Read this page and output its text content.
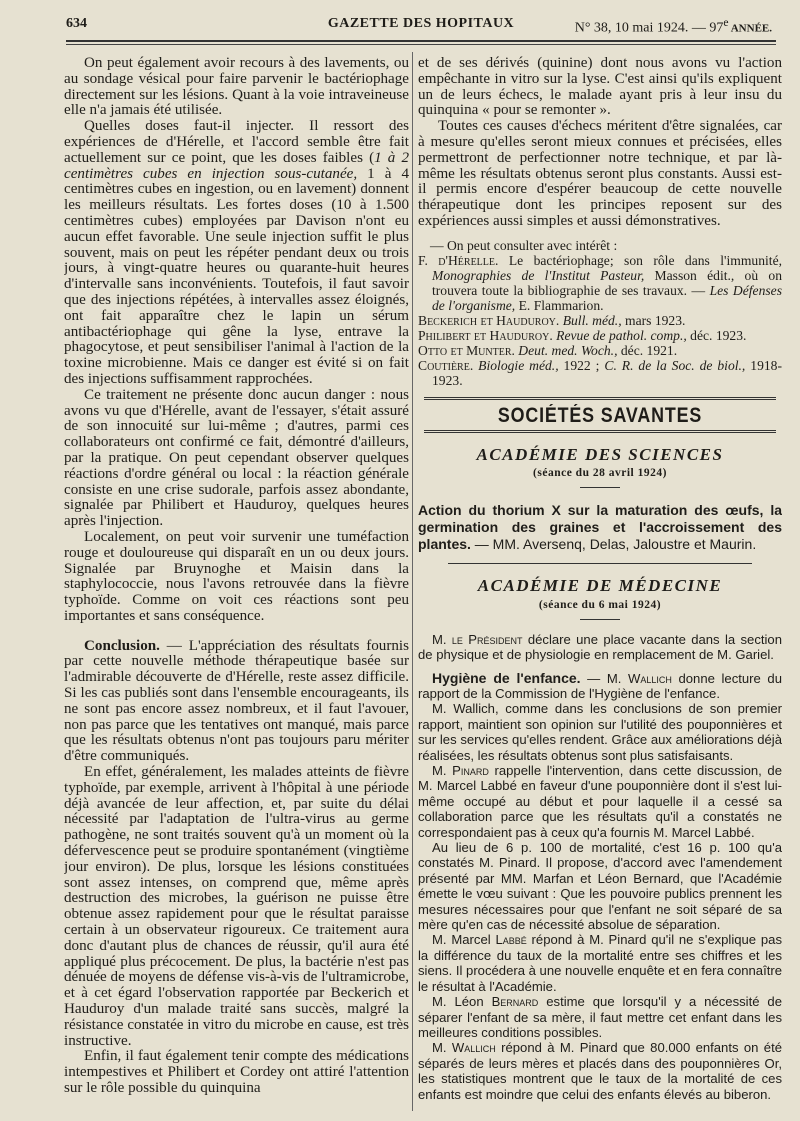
634	GAZETTE DES HOPITAUX	N° 38, 10 mai 1924. — 97e ANNÉE.

On peut également avoir recours à des lavements, ou au sondage vésical pour faire parvenir le bactériophage directement sur les lésions. Quant à la voie intraveineuse elle n'a jamais été utilisée.

Quelles doses faut-il injecter. Il ressort des expériences de d'Hérelle, et l'accord semble être fait actuellement sur ce point, que les doses faibles (1 à 2 centimètres cubes en injection sous-cutanée, 1 à 4 centimètres cubes en ingestion, ou en lavement) donnent les meilleurs résultats. Les fortes doses (10 à 1.500 centimètres cubes) employées par Davison n'ont eu aucun effet favorable. Une seule injection suffit le plus souvent, mais on peut les répéter pendant deux ou trois jours, à vingt-quatre heures ou quarante-huit heures d'intervalle sans inconvénients. Toutefois, il faut savoir que des injections répétées, à intervalles assez éloignés, ont fait apparaître chez le lapin un sérum antibactériophage qui gêne la lyse, entrave la phagocytose, et peut sensibiliser l'animal à l'action de la toxine microbienne. Mais ce danger est évité si on fait des injections suffisamment rapprochées.

Ce traitement ne présente donc aucun danger : nous avons vu que d'Hérelle, avant de l'essayer, s'était assuré de son innocuité sur lui-même ; d'autres, parmi ces collaborateurs ont confirmé ce fait, démontré d'ailleurs, par la pratique. On peut cependant observer quelques réactions d'ordre général ou local : la réaction générale consiste en une crise sudorale, parfois assez abondante, signalée par Philibert et Hauduroy, quelques heures après l'injection.

Localement, on peut voir survenir une tuméfaction rouge et douloureuse qui disparaît en un ou deux jours. Signalée par Bruynoghe et Maisin dans la staphylococcie, nous l'avons retrouvée dans la fièvre typhoïde. Comme on voit ces réactions sont peu importantes et sans conséquence.

Conclusion. — L'appréciation des résultats fournis par cette nouvelle méthode thérapeutique basée sur l'admirable découverte de d'Hérelle, reste assez difficile. Si les cas publiés sont dans l'ensemble encourageants, ils ne sont pas encore assez nombreux, et il faut l'avouer, non pas parce que les tentatives ont manqué, mais parce que les résultats obtenus n'ont pas toujours paru mériter d'être communiqués.

En effet, généralement, les malades atteints de fièvre typhoïde, par exemple, arrivent à l'hôpital à une période déjà avancée de leur affection, et, par suite du délai nécessité par l'adaptation de l'ultra-virus au germe pathogène, ne sont traités souvent qu'à un moment où la défervescence peut se produire spontanément (vingtième jour environ). De plus, lorsque les lésions constituées sont assez intenses, on comprend que, même après destruction des microbes, la guérison ne puisse être obtenue assez rapidement pour que le résultat paraisse certain à un observateur rigoureux. Ce traitement aura donc d'autant plus de chances de réussir, qu'il aura été appliqué plus précocement. De plus, la bactérie n'est pas dénuée de moyens de défense vis-à-vis de l'ultramicrobe, et à cet égard l'observation rapportée par Beckerich et Hauduroy d'un malade traité sans succès, malgré la résistance constatée in vitro du microbe en cause, est très instructive.

Enfin, il faut également tenir compte des médications intempestives et Philibert et Cordey ont attiré l'attention sur le rôle possible du quinquina

et de ses dérivés (quinine) dont nous avons vu l'action empêchante in vitro sur la lyse. C'est ainsi qu'ils expliquent un de leurs échecs, le malade ayant pris à leur insu du quinquina « pour se remonter ».

Toutes ces causes d'échecs méritent d'être signalées, car à mesure qu'elles seront mieux connues et précisées, elles permettront de perfectionner notre technique, et par là-même les résultats obtenus seront plus constants. Aussi est-il permis encore d'espérer beaucoup de cette nouvelle thérapeutique dont les principes reposent sur des expériences aussi simples et aussi démonstratives.

— On peut consulter avec intérêt :

F. d'Hérelle. Le bactériophage; son rôle dans l'immunité, Monographies de l'Institut Pasteur, Masson édit., où on trouvera toute la bibliographie de ses travaux. — Les Défenses de l'organisme, E. Flammarion.

Beckerich et Hauduroy. Bull. méd., mars 1923.

Philibert et Hauduroy. Revue de pathol. comp., déc. 1923.

Otto et Munter. Deut. med. Woch., déc. 1921.

Coutière. Biologie méd., 1922 ; C. R. de la Soc. de biol., 1918-1923.

SOCIÉTÉS SAVANTES
ACADÉMIE DES SCIENCES
(séance du 28 avril 1924)

Action du thorium X sur la maturation des œufs, la germination des graines et l'accroissement des plantes. — MM. Aversenq, Delas, Jaloustre et Maurin.

ACADÉMIE DE MÉDECINE
(séance du 6 mai 1924)

M. le Président déclare une place vacante dans la section de physique et de physiologie en remplacement de M. Gariel.

Hygiène de l'enfance. — M. Wallich donne lecture du rapport de la Commission de l'Hygiène de l'enfance.

M. Wallich, comme dans les conclusions de son premier rapport, maintient son opinion sur l'utilité des pouponnières et sur les services qu'elles rendent. Grâce aux améliorations déjà réalisées, les résultats obtenus sont plus satisfaisants.

M. Pinard rappelle l'intervention, dans cette discussion, de M. Marcel Labbé en faveur d'une pouponnière dont il s'est lui-même occupé au début et pour laquelle il a cessé sa collaboration parce que les résultats qu'il a constatés ne correspondaient pas à ceux qu'a fournis M. Marcel Labbé.

Au lieu de 6 p. 100 de mortalité, c'est 16 p. 100 qu'a constatés M. Pinard. Il propose, d'accord avec l'amendement présenté par MM. Marfan et Léon Bernard, que l'Académie émette le vœu suivant : Que les pouvoire publics prennent les mesures nécessaires pour que l'enfant ne soit séparé de sa mère qu'en cas de nécessité absolue de séparation.

M. Marcel Labbé répond à M. Pinard qu'il ne s'explique pas la différence du taux de la mortalité entre ses chiffres et les siens. Il procédera à une nouvelle enquête et en fera connaître le résultat à l'Académie.

M. Léon Bernard estime que lorsqu'il y a nécessité de séparer l'enfant de sa mère, il faut mettre cet enfant dans les meilleures conditions possibles.

M. Wallich répond à M. Pinard que 80.000 enfants on été séparés de leurs mères et placés dans des pouponnières Or, les statistiques montrent que le taux de la mortalité de ces enfants est moindre que celui des enfants élevés au biberon.
